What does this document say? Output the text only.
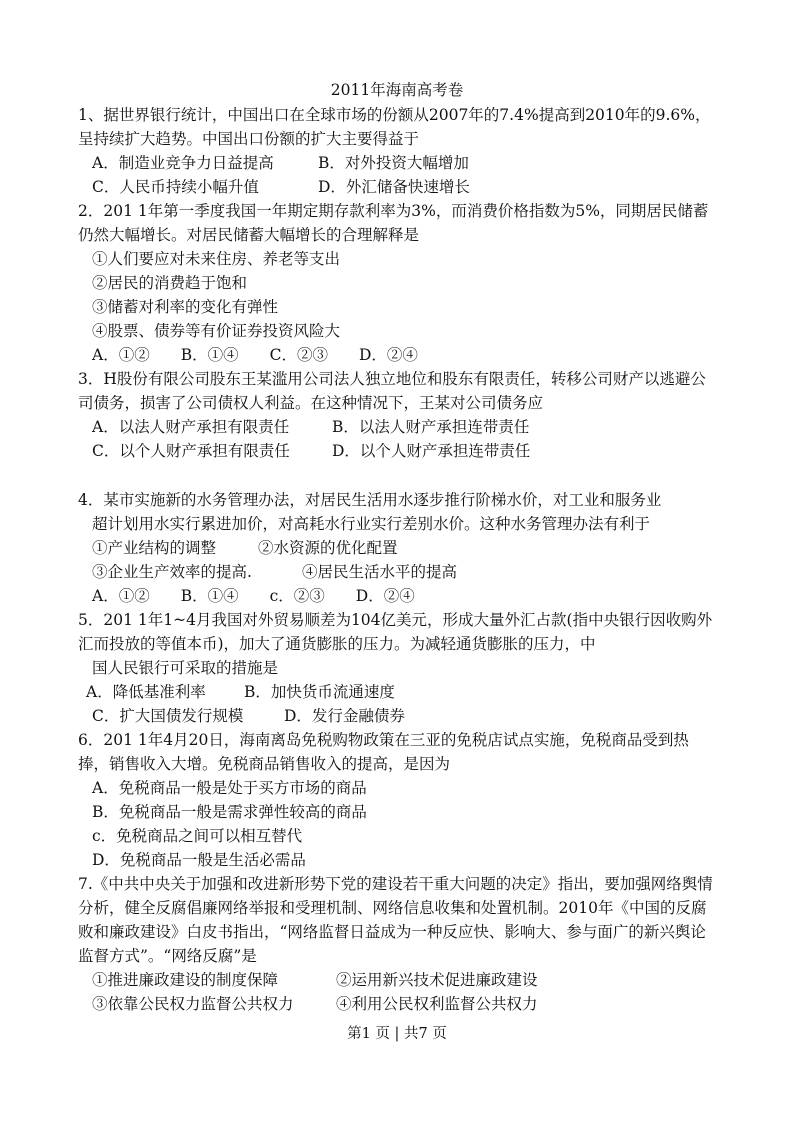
2011年海南高考卷
1、据世界银行统计，中国出口在全球市场的份额从2007年的7.4%提高到2010年的9.6%，　呈持续扩大趋势。中国出口份额的扩大主要得益于
A．制造业竞争力日益提高	B．对外投资大幅增加
C．人民币持续小幅升值	D．外汇储备快速增长
2．201 1年第一季度我国一年期定期存款利率为3%，而消费价格指数为5%，同期居民储蓄仍然大幅增长。对居民储蓄大幅增长的合理解释是
①人们要应对未来住房、养老等支出
②居民的消费趋于饱和
③储蓄对利率的变化有弹性
④股票、债券等有价证券投资风险大
A．①②　　B．①④　　C．②③　　D．②④
3．H股份有限公司股东王某滥用公司法人独立地位和股东有限责任，转移公司财产以逃避公司债务，损害了公司债权人利益。在这种情况下，王某对公司债务应
A．以法人财产承担有限责任	B．以法人财产承担连带责任
C．以个人财产承担有限责任	D．以个人财产承担连带责任
4．某市实施新的水务管理办法，对居民生活用水逐步推行阶梯水价，对工业和服务业
超计划用水实行累进加价，对高耗水行业实行差别水价。这种水务管理办法有利于
①产业结构的调整	②水资源的优化配置
③企业生产效率的提高.	④居民生活水平的提高
A．①②　　B．①④　　c．②③　　D．②④
5．201 1年1~4月我国对外贸易顺差为104亿美元，形成大量外汇占款(指中央银行因收购外汇而投放的等值本币)，加大了通货膨胀的压力。为减轻通货膨胀的压力，中
国人民银行可采取的措施是
A．降低基准利率 B．加快货币流通速度
C．扩大国债发行规模	D．发行金融债券
6．201 1年4月20日，海南离岛免税购物政策在三亚的免税店试点实施，免税商品受到热捧，销售收入大增。免税商品销售收入的提高，是因为
A．免税商品一般是处于买方市场的商品
B．免税商品一般是需求弹性较高的商品
c．免税商品之间可以相互替代
D．免税商品一般是生活必需品
7.《中共中央关于加强和改进新形势下党的建设若干重大问题的决定》指出，要加强网络舆情分析，健全反腐倡廉网络举报和受理机制、网络信息收集和处置机制。2010年《中国的反腐败和廉政建设》白皮书指出，“网络监督日益成为一种反应快、影响大、参与面广的新兴舆论监督方式”。“网络反腐”是
①推进廉政建设的制度保障	②运用新兴技术促进廉政建设
③依靠公民权力监督公共权力	④利用公民权利监督公共权力
第1 页 | 共7 页
